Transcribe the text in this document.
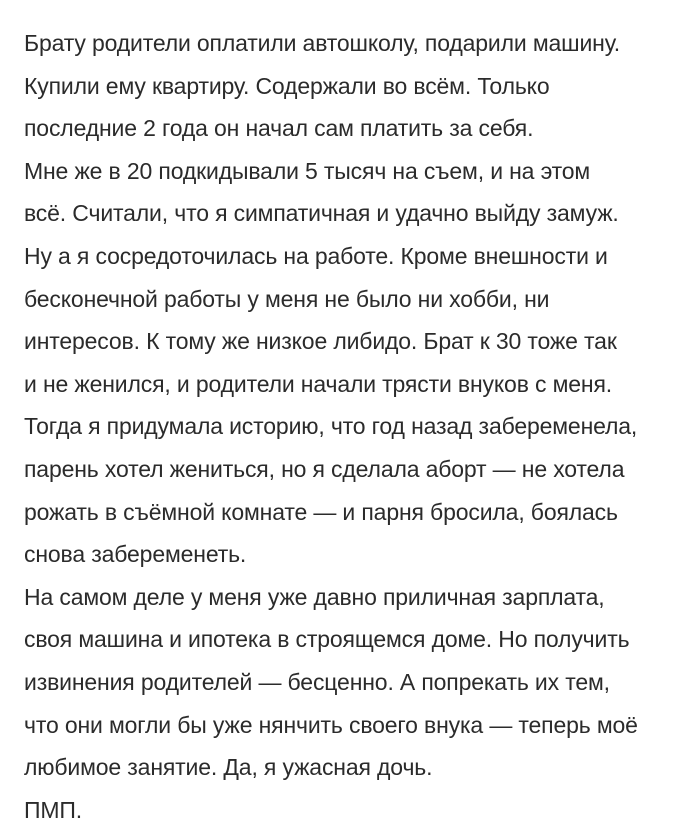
Брату родители оплатили автошколу, подарили машину.
Купили ему квартиру. Содержали во всём. Только
последние 2 года он начал сам платить за себя.
Мне же в 20 подкидывали 5 тысяч на съем, и на этом
всё. Считали, что я симпатичная и удачно выйду замуж.
Ну а я сосредоточилась на работе. Кроме внешности и
бесконечной работы у меня не было ни хобби, ни
интересов. К тому же низкое либидо. Брат к 30 тоже так
и не женился, и родители начали трясти внуков с меня.
Тогда я придумала историю, что год назад забеременела,
парень хотел жениться, но я сделала аборт — не хотела
рожать в съёмной комнате — и парня бросила, боялась
снова забеременеть.
На самом деле у меня уже давно приличная зарплата,
своя машина и ипотека в строящемся доме. Но получить
извинения родителей — бесценно. А попрекать их тем,
что они могли бы уже нянчить своего внука — теперь моё
любимое занятие. Да, я ужасная дочь.
ПМП.
